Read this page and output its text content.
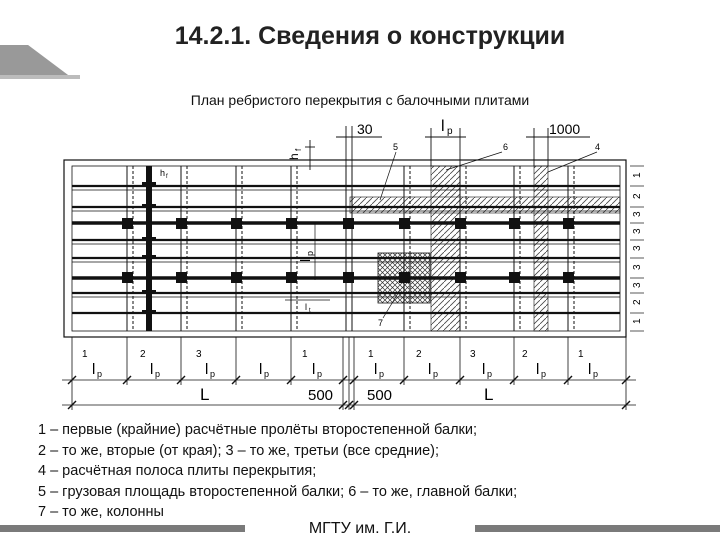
14.2.1. Сведения о конструкции
План ребристого перекрытия с балочными плитами
30	l p	1000
h
f	5	6	4
7
h f
l
p
l t
1
2
3
3
3
3
3
2
1
1	2	3	1	1	2	3	2	1
l	l	l	l	l	l	l	l	l	l
p	p	p	p	p	p	p	p	p	p
L	500 500	L
1 – первые (крайние) расчётные пролёты второстепенной балки;
2 – то же, вторые (от края); 3 – то же, третьи (все средние);
4 – расчётная полоса плиты перекрытия;
5 – грузовая площадь второстепенной балки; 6 – то же, главной балки;
7 – то же, колонны
МГТУ им. Г.И.
